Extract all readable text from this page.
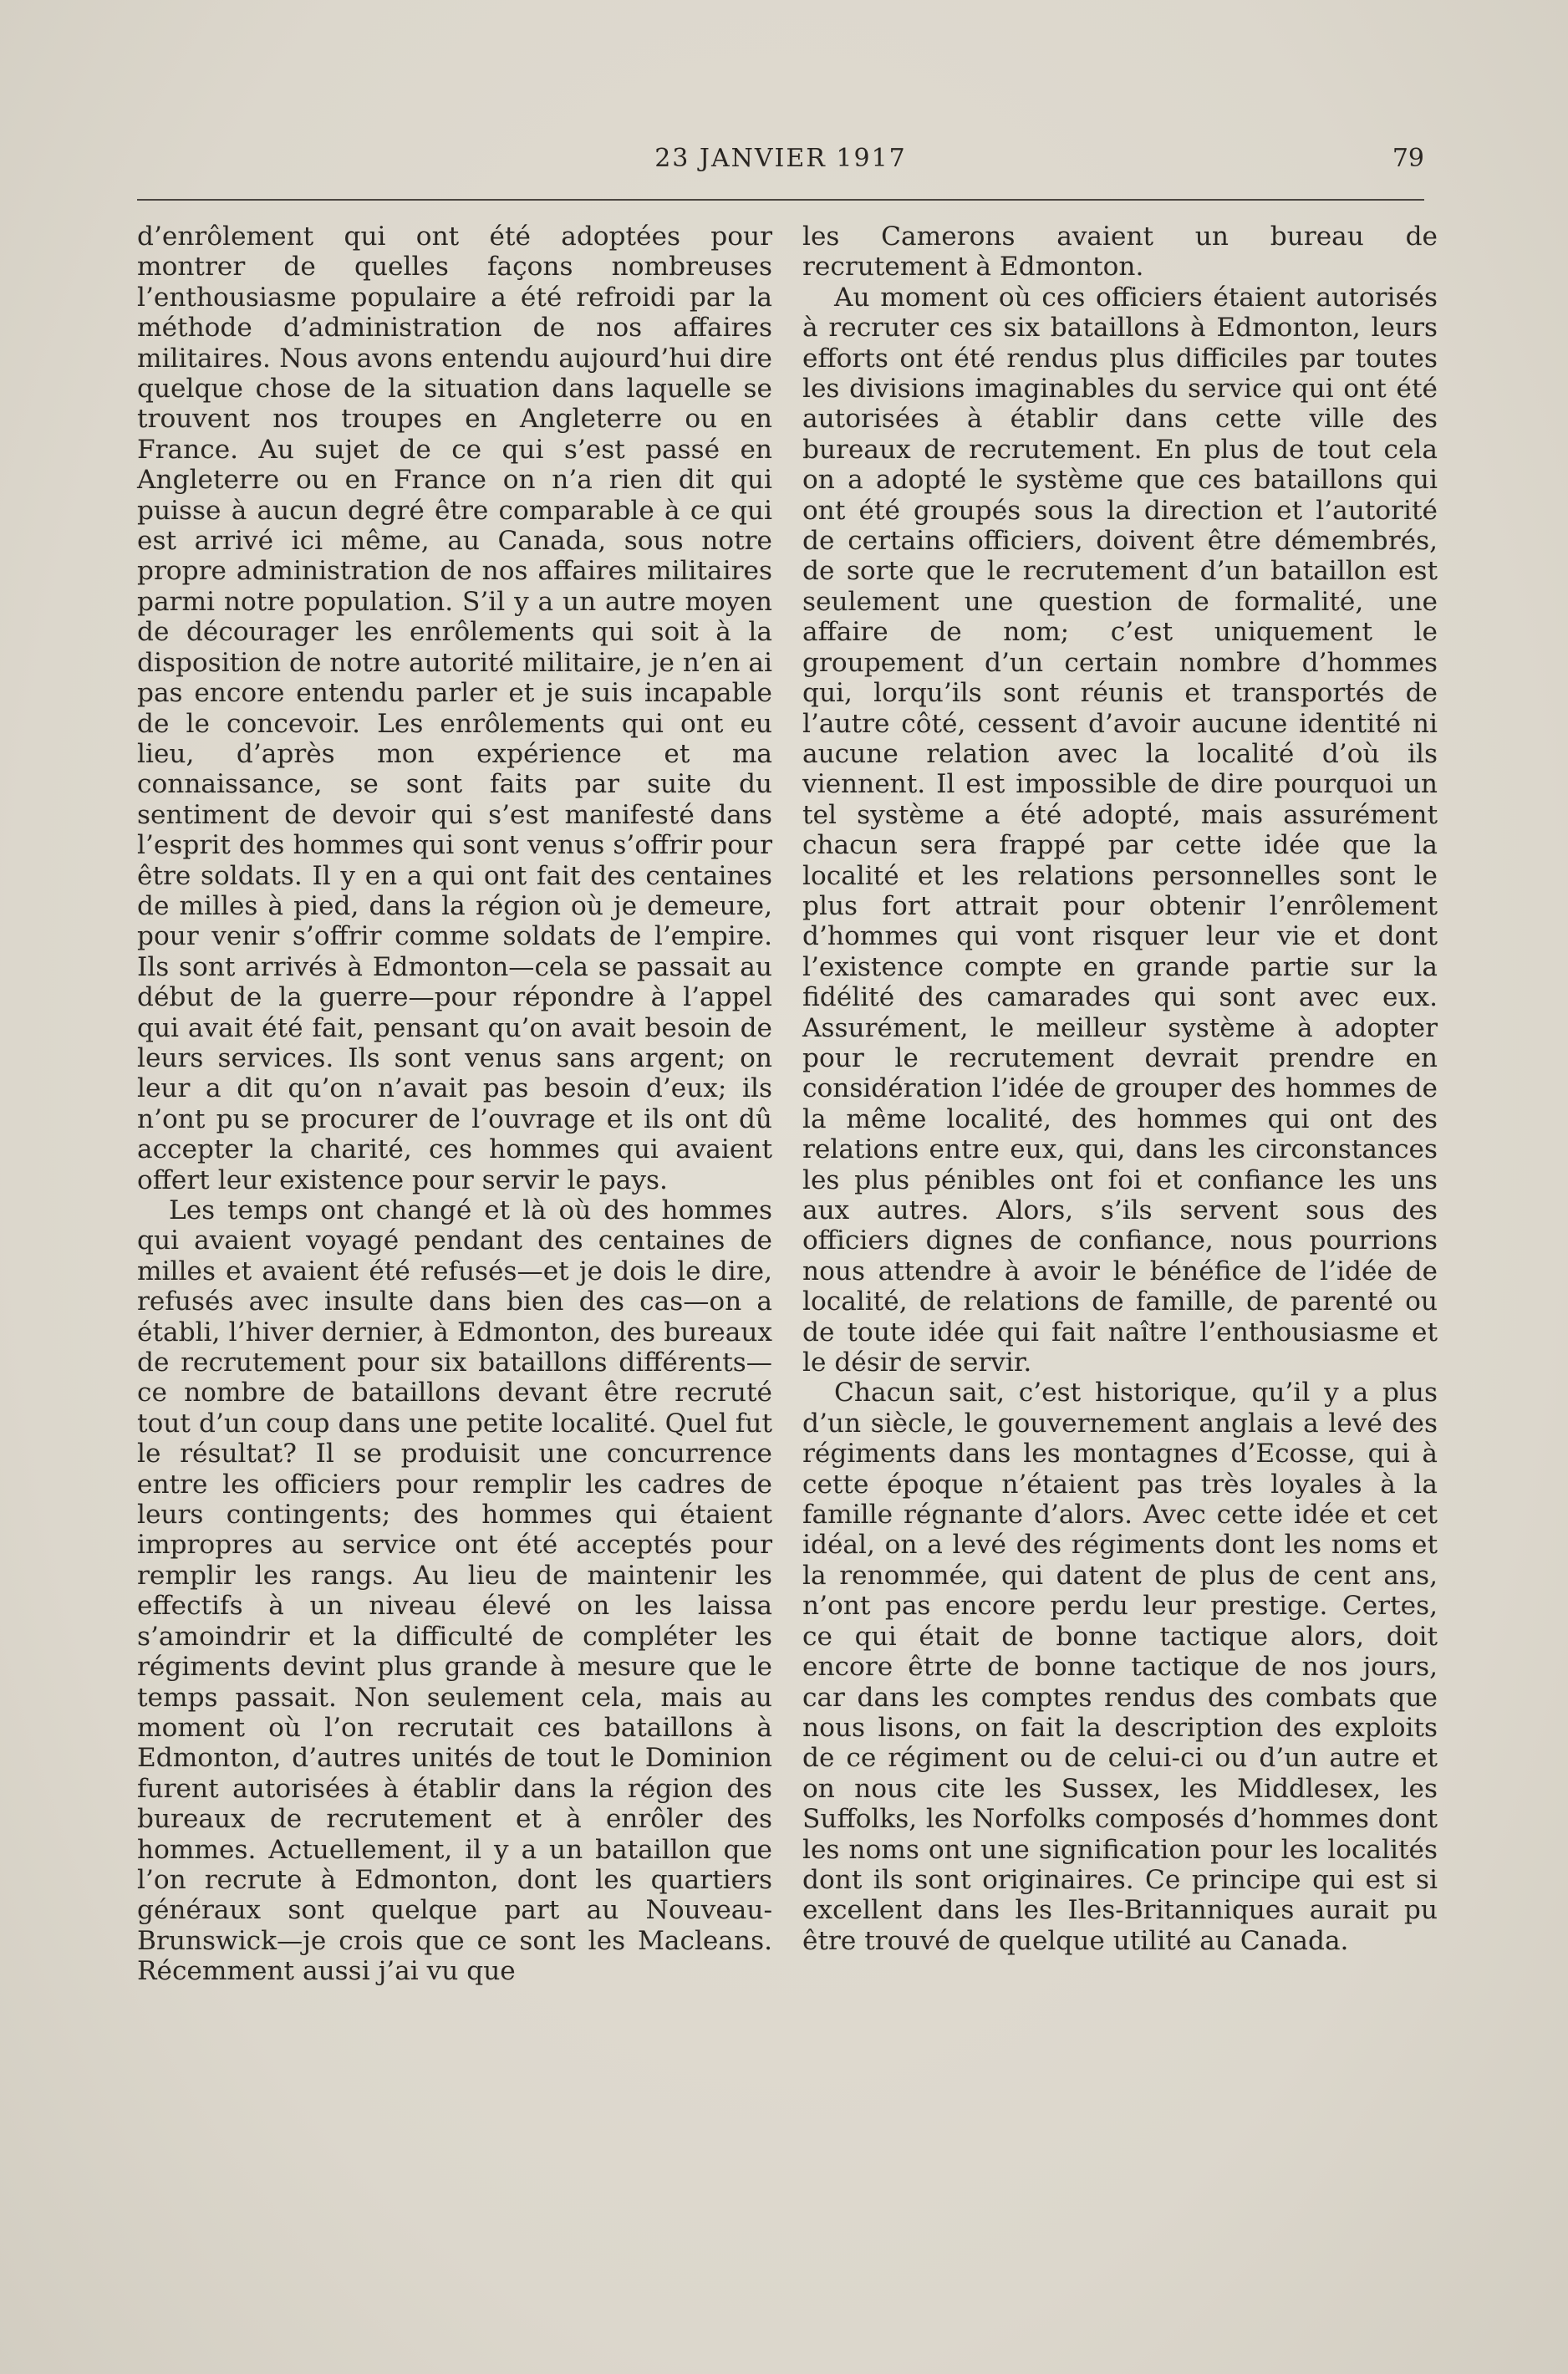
23 JANVIER 1917	79

d’enrôlement qui ont été adoptées pour montrer de quelles façons nombreuses l’enthousiasme populaire a été refroidi par la méthode d’administration de nos affaires militaires. Nous avons entendu aujourd’hui dire quelque chose de la situation dans laquelle se trouvent nos troupes en Angleterre ou en France. Au sujet de ce qui s’est passé en Angleterre ou en France on n’a rien dit qui puisse à aucun degré être comparable à ce qui est arrivé ici même, au Canada, sous notre propre administration de nos affaires militaires parmi notre population. S’il y a un autre moyen de décourager les enrôlements qui soit à la disposition de notre autorité militaire, je n’en ai pas encore entendu parler et je suis incapable de le concevoir. Les enrôlements qui ont eu lieu, d’après mon expérience et ma connaissance, se sont faits par suite du sentiment de devoir qui s’est manifesté dans l’esprit des hommes qui sont venus s’offrir pour être soldats. Il y en a qui ont fait des centaines de milles à pied, dans la région où je demeure, pour venir s’offrir comme soldats de l’empire. Ils sont arrivés à Edmonton—cela se passait au début de la guerre—pour répondre à l’appel qui avait été fait, pensant qu’on avait besoin de leurs services. Ils sont venus sans argent; on leur a dit qu’on n’avait pas besoin d’eux; ils n’ont pu se procurer de l’ouvrage et ils ont dû accepter la charité, ces hommes qui avaient offert leur existence pour servir le pays.

Les temps ont changé et là où des hommes qui avaient voyagé pendant des centaines de milles et avaient été refusés—et je dois le dire, refusés avec insulte dans bien des cas—on a établi, l’hiver dernier, à Edmonton, des bureaux de recrutement pour six bataillons différents—ce nombre de bataillons devant être recruté tout d’un coup dans une petite localité. Quel fut le résultat? Il se produisit une concurrence entre les officiers pour remplir les cadres de leurs contingents; des hommes qui étaient impropres au service ont été acceptés pour remplir les rangs. Au lieu de maintenir les effectifs à un niveau élevé on les laissa s’amoindrir et la difficulté de compléter les régiments devint plus grande à mesure que le temps passait. Non seulement cela, mais au moment où l’on recrutait ces bataillons à Edmonton, d’autres unités de tout le Dominion furent autorisées à établir dans la région des bureaux de recrutement et à enrôler des hommes. Actuellement, il y a un bataillon que l’on recrute à Edmonton, dont les quartiers généraux sont quelque part au Nouveau-Brunswick—je crois que ce sont les Macleans. Récemment aussi j’ai vu que

les Camerons avaient un bureau de recrutement à Edmonton.

Au moment où ces officiers étaient autorisés à recruter ces six bataillons à Edmonton, leurs efforts ont été rendus plus difficiles par toutes les divisions imaginables du service qui ont été autorisées à établir dans cette ville des bureaux de recrutement. En plus de tout cela on a adopté le système que ces bataillons qui ont été groupés sous la direction et l’autorité de certains officiers, doivent être démembrés, de sorte que le recrutement d’un bataillon est seulement une question de formalité, une affaire de nom; c’est uniquement le groupement d’un certain nombre d’hommes qui, lorqu’ils sont réunis et transportés de l’autre côté, cessent d’avoir aucune identité ni aucune relation avec la localité d’où ils viennent. Il est impossible de dire pourquoi un tel système a été adopté, mais assurément chacun sera frappé par cette idée que la localité et les relations personnelles sont le plus fort attrait pour obtenir l’enrôlement d’hommes qui vont risquer leur vie et dont l’existence compte en grande partie sur la fidélité des camarades qui sont avec eux. Assurément, le meilleur système à adopter pour le recrutement devrait prendre en considération l’idée de grouper des hommes de la même localité, des hommes qui ont des relations entre eux, qui, dans les circonstances les plus pénibles ont foi et confiance les uns aux autres. Alors, s’ils servent sous des officiers dignes de confiance, nous pourrions nous attendre à avoir le bénéfice de l’idée de localité, de relations de famille, de parenté ou de toute idée qui fait naître l’enthousiasme et le désir de servir.

Chacun sait, c’est historique, qu’il y a plus d’un siècle, le gouvernement anglais a levé des régiments dans les montagnes d’Ecosse, qui à cette époque n’étaient pas très loyales à la famille régnante d’alors. Avec cette idée et cet idéal, on a levé des régiments dont les noms et la renommée, qui datent de plus de cent ans, n’ont pas encore perdu leur prestige. Certes, ce qui était de bonne tactique alors, doit encore êtrte de bonne tactique de nos jours, car dans les comptes rendus des combats que nous lisons, on fait la description des exploits de ce régiment ou de celui-ci ou d’un autre et on nous cite les Sussex, les Middlesex, les Suffolks, les Norfolks composés d’hommes dont les noms ont une signification pour les localités dont ils sont originaires. Ce principe qui est si excellent dans les Iles-Britanniques aurait pu être trouvé de quelque utilité au Canada.
